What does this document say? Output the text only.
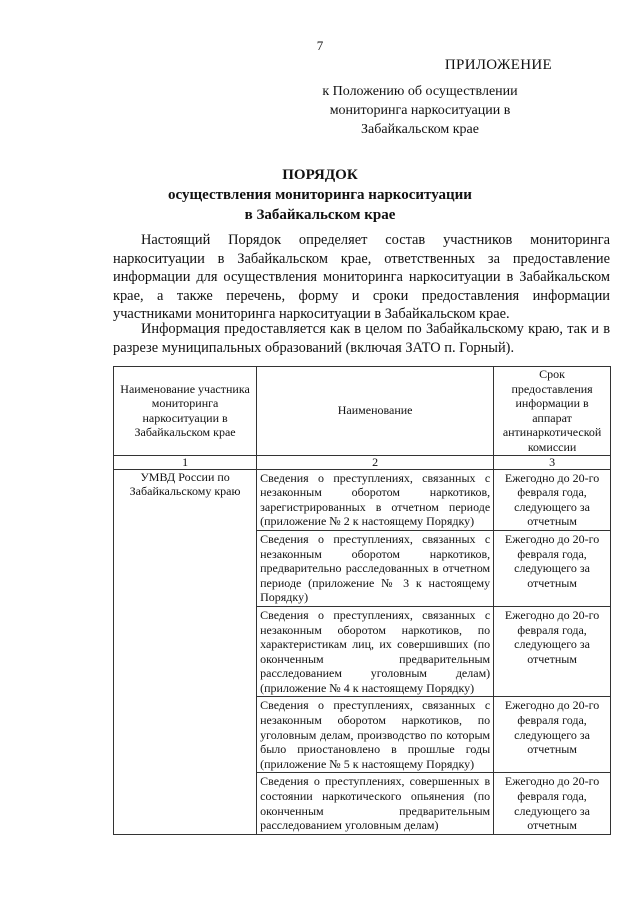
7
ПРИЛОЖЕНИЕ
к Положению об осуществлении мониторинга наркоситуации в Забайкальском крае
ПОРЯДОК
осуществления мониторинга наркоситуации
в Забайкальском крае
Настоящий Порядок определяет состав участников мониторинга наркоситуации в Забайкальском крае, ответственных за предоставление информации для осуществления мониторинга наркоситуации в Забайкальском крае, а также перечень, форму и сроки предоставления информации участниками мониторинга наркоситуации в Забайкальском крае.
Информация предоставляется как в целом по Забайкальскому краю, так и в разрезе муниципальных образований (включая ЗАТО п. Горный).
Наименование участника мониторинга наркоситуации в Забайкальском крае	Наименование	Срок предоставления информации в аппарат антинаркотической комиссии
1	2	3
УМВД России по Забайкальскому краю	Сведения о преступлениях, связанных с незаконным оборотом наркотиков, зарегистрированных в отчетном периоде (приложение № 2 к настоящему Порядку)	Ежегодно до 20-го февраля года, следующего за отчетным
	Сведения о преступлениях, связанных с незаконным оборотом наркотиков, предварительно расследованных в отчетном периоде (приложение № 3 к настоящему Порядку)	Ежегодно до 20-го февраля года, следующего за отчетным
	Сведения о преступлениях, связанных с незаконным оборотом наркотиков, по характеристикам лиц, их совершивших (по оконченным предварительным расследованием уголовным делам) (приложение № 4 к настоящему Порядку)	Ежегодно до 20-го февраля года, следующего за отчетным
	Сведения о преступлениях, связанных с незаконным оборотом наркотиков, по уголовным делам, производство по которым было приостановлено в прошлые годы (приложение № 5 к настоящему Порядку)	Ежегодно до 20-го февраля года, следующего за отчетным
	Сведения о преступлениях, совершенных в состоянии наркотического опьянения (по оконченным предварительным расследованием уголовным делам)	Ежегодно до 20-го февраля года, следующего за отчетным
